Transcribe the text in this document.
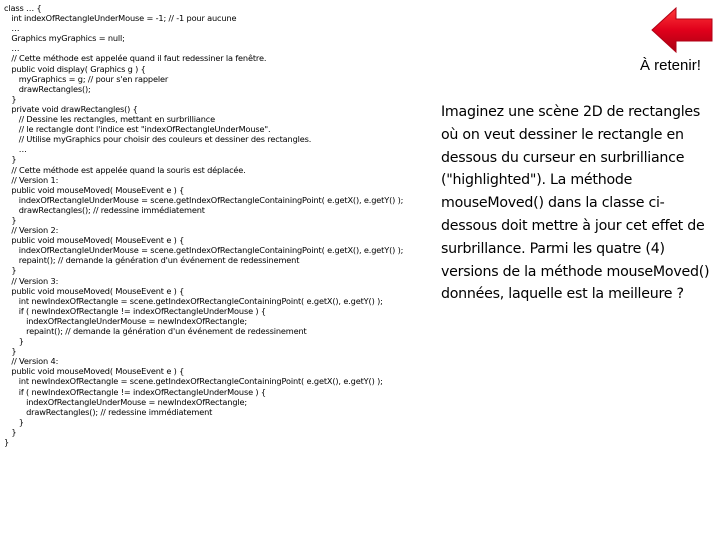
class … {
int indexOfRectangleUnderMouse = -1; // -1 pour aucune
…
Graphics myGraphics = null;
…
// Cette méthode est appelée quand il faut redessiner la fenêtre.
public void display( Graphics g ) {
myGraphics = g; // pour s'en rappeler
drawRectangles();
}
private void drawRectangles() {
// Dessine les rectangles, mettant en surbrilliance
// le rectangle dont l'indice est "indexOfRectangleUnderMouse".
// Utilise myGraphics pour choisir des couleurs et dessiner des rectangles.
…
}
// Cette méthode est appelée quand la souris est déplacée.
// Version 1:
public void mouseMoved( MouseEvent e ) {
indexOfRectangleUnderMouse = scene.getIndexOfRectangleContainingPoint( e.getX(), e.getY() );
drawRectangles(); // redessine immédiatement
}
// Version 2:
public void mouseMoved( MouseEvent e ) {
indexOfRectangleUnderMouse = scene.getIndexOfRectangleContainingPoint( e.getX(), e.getY() );
repaint(); // demande la génération d'un événement de redessinement
}
// Version 3:
public void mouseMoved( MouseEvent e ) {
int newIndexOfRectangle = scene.getIndexOfRectangleContainingPoint( e.getX(), e.getY() );
if ( newIndexOfRectangle != indexOfRectangleUnderMouse ) {
indexOfRectangleUnderMouse = newIndexOfRectangle;
repaint(); // demande la génération d'un événement de redessinement
}
}
// Version 4:
public void mouseMoved( MouseEvent e ) {
int newIndexOfRectangle = scene.getIndexOfRectangleContainingPoint( e.getX(), e.getY() );
if ( newIndexOfRectangle != indexOfRectangleUnderMouse ) {
indexOfRectangleUnderMouse = newIndexOfRectangle;
drawRectangles(); // redessine immédiatement
}
}
}
À retenir!
Imaginez une scène 2D de rectangles où on veut dessiner le rectangle en dessous du curseur en surbrilliance ("highlighted"). La méthode mouseMoved() dans la classe ci-dessous doit mettre à jour cet effet de surbrillance. Parmi les quatre (4) versions de la méthode mouseMoved() données, laquelle est la meilleure ?
